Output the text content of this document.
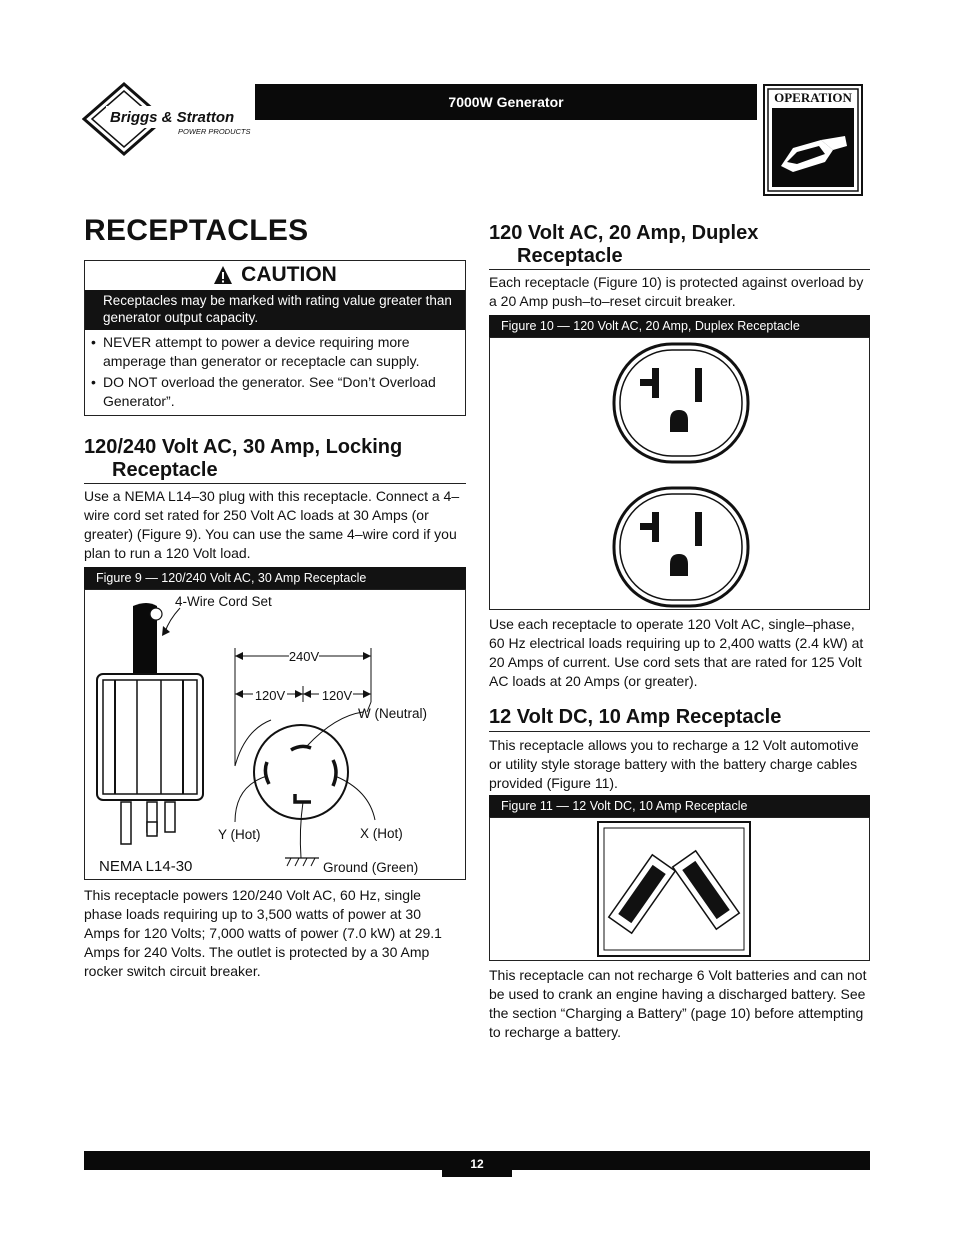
Briggs & Stratton
POWER PRODUCTS
7000W Generator	OPERATION
RECEPTACLES
CAUTION
Receptacles may be marked with rating value greater than generator output capacity.
• NEVER attempt to power a device requiring more amperage than generator or receptacle can supply.
• DO NOT overload the generator. See “Don’t Overload Generator”.
120/240 Volt AC, 30 Amp, Locking
Receptacle
Use a NEMA L14–30 plug with this receptacle. Connect a 4–wire cord set rated for 250 Volt AC loads at 30 Amps (or greater) (Figure 9). You can use the same 4–wire cord if you plan to run a 120 Volt load.
Figure 9 — 120/240 Volt AC, 30 Amp Receptacle
4-Wire Cord Set
NEMA L14-30
240V
120V	120V
W (Neutral)
Y (Hot)	X (Hot)
Ground (Green)
This receptacle powers 120/240 Volt AC, 60 Hz, single phase loads requiring up to 3,500 watts of power at 30 Amps for 120 Volts; 7,000 watts of power (7.0 kW) at 29.1 Amps for 240 Volts. The outlet is protected by a 30 Amp rocker switch circuit breaker.
120 Volt AC, 20 Amp, Duplex
Receptacle
Each receptacle (Figure 10) is protected against overload by a 20 Amp push–to–reset circuit breaker.
Figure 10 — 120 Volt AC, 20 Amp, Duplex Receptacle
Use each receptacle to operate 120 Volt AC, single–phase, 60 Hz electrical loads requiring up to 2,400 watts (2.4 kW) at 20 Amps of current. Use cord sets that are rated for 125 Volt AC loads at 20 Amps (or greater).
12 Volt DC, 10 Amp Receptacle
This receptacle allows you to recharge a 12 Volt automotive or utility style storage battery with the battery charge cables provided (Figure 11).
Figure 11 — 12 Volt DC, 10 Amp Receptacle
This receptacle can not recharge 6 Volt batteries and can not be used to crank an engine having a discharged battery. See the section “Charging a Battery” (page 10) before attempting to recharge a battery.
12
